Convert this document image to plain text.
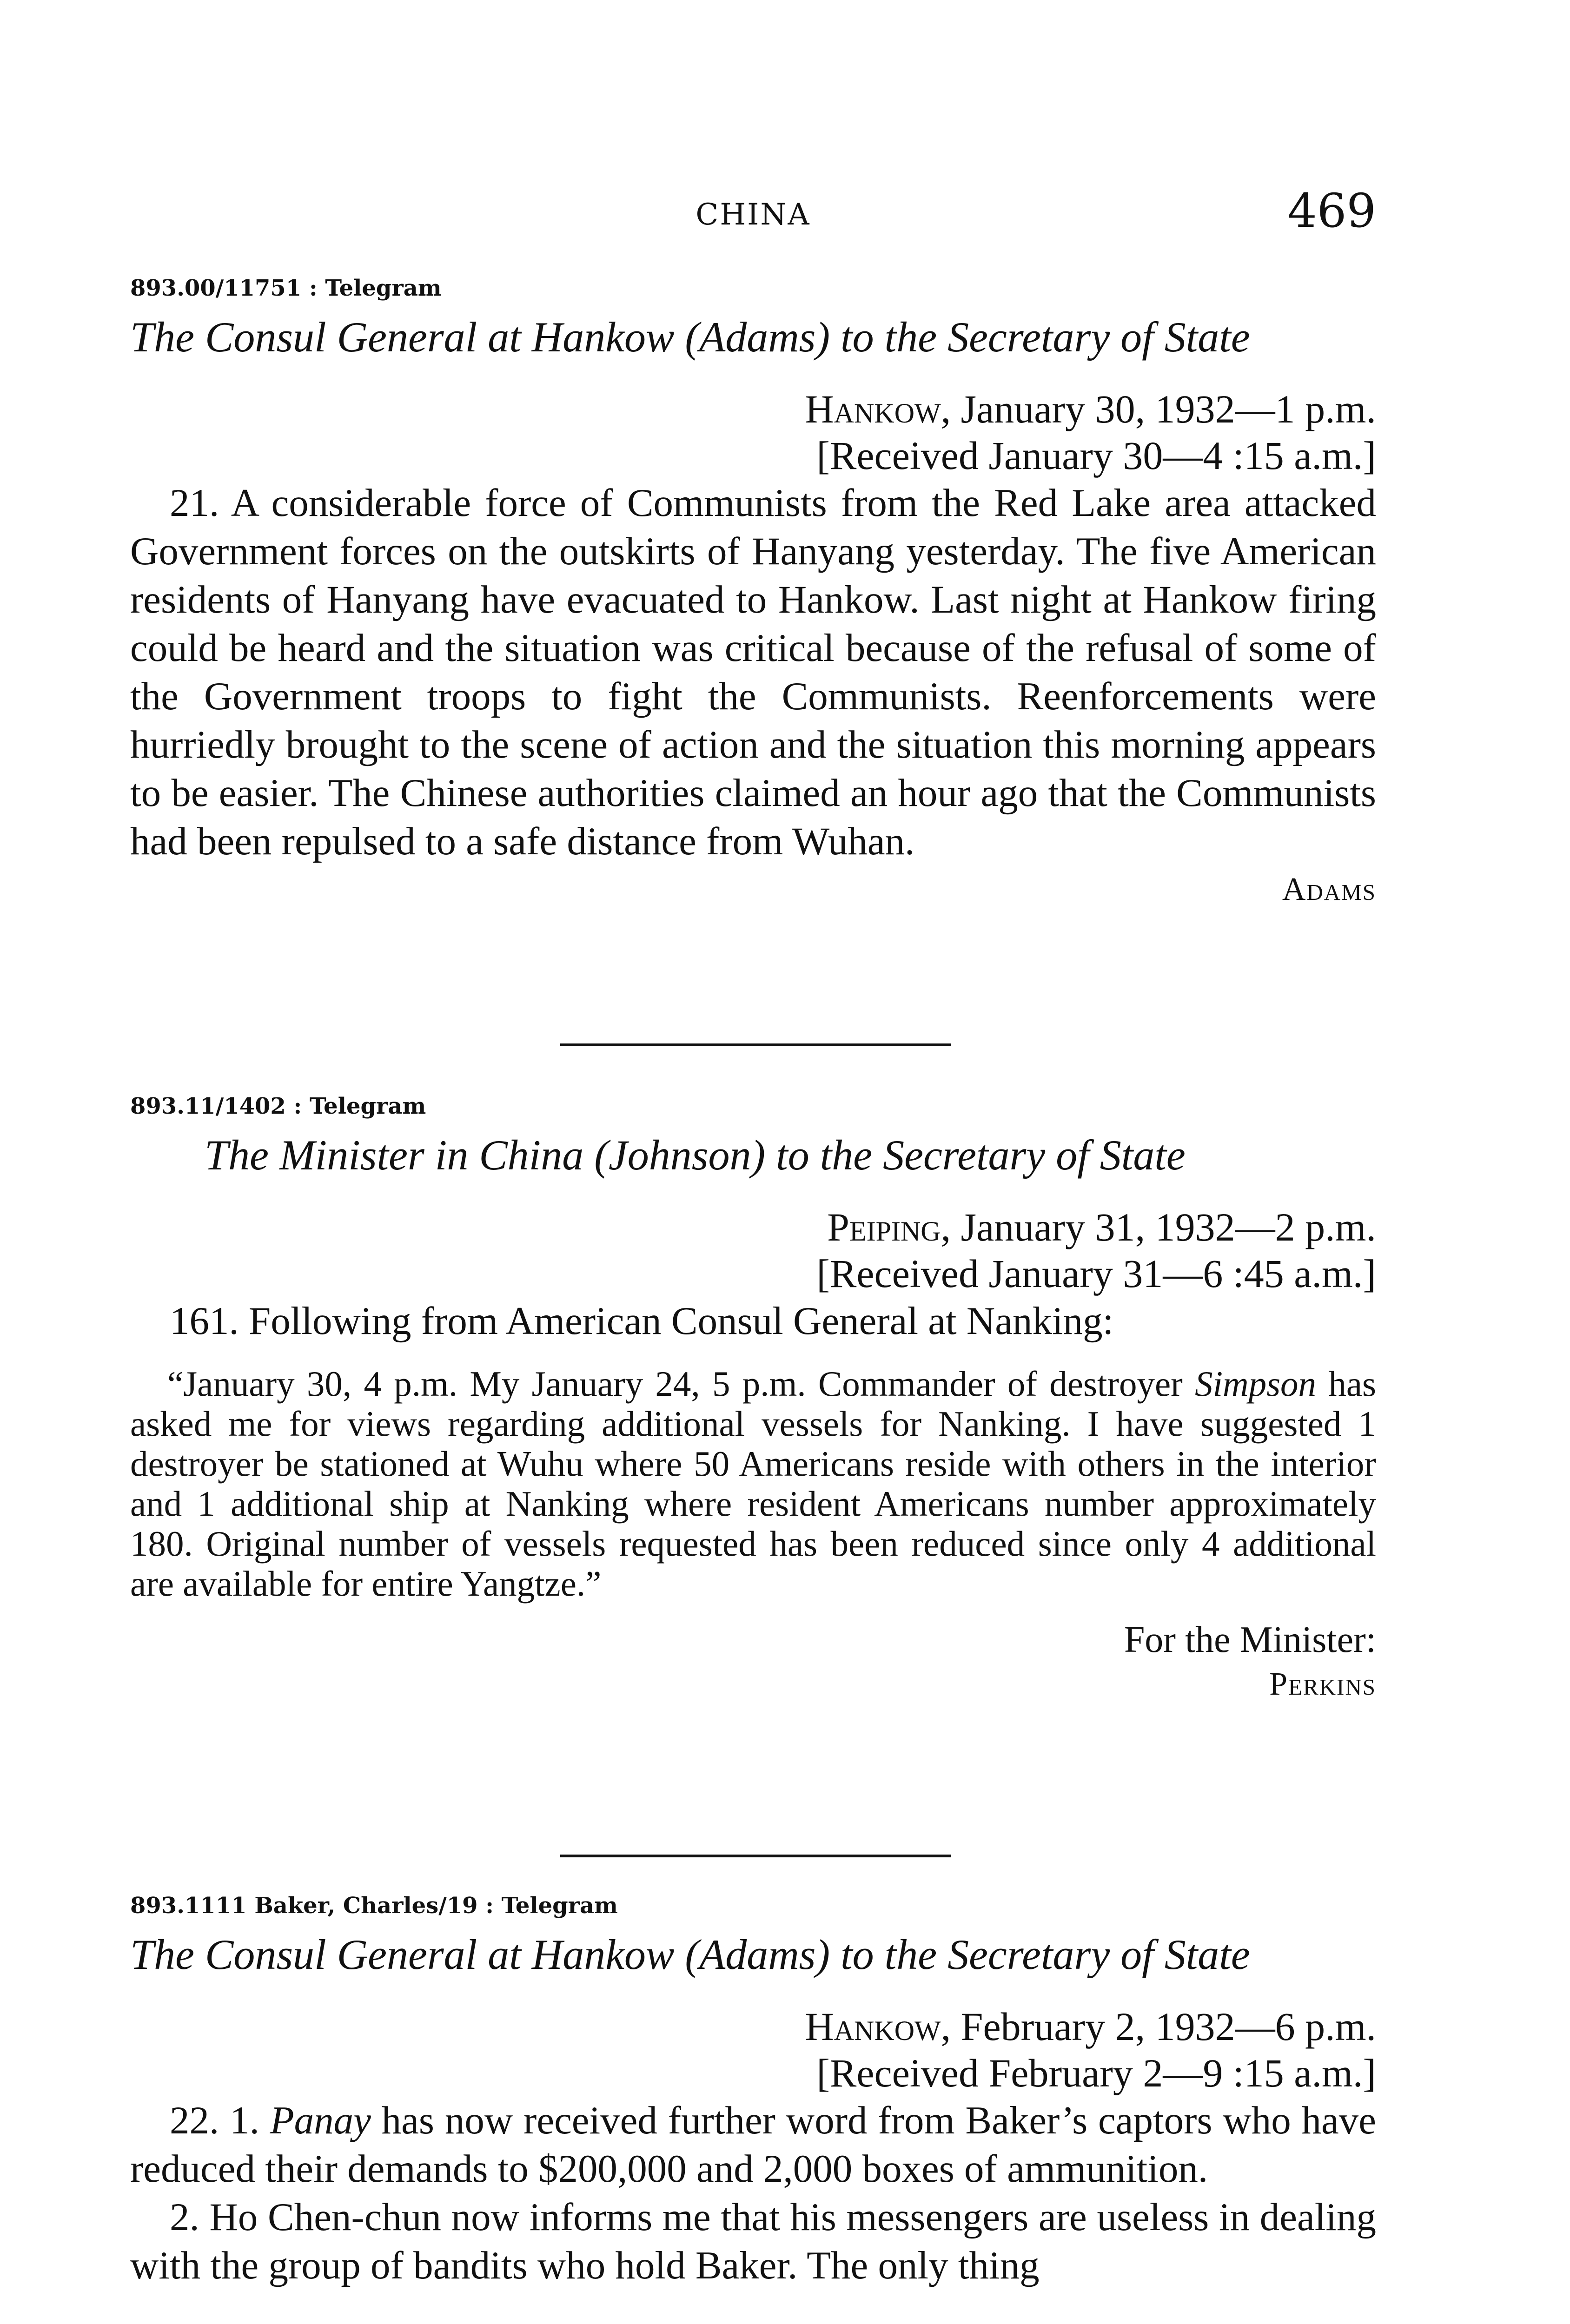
CHINA	469
893.00/11751 : Telegram
The Consul General at Hankow (Adams) to the Secretary of State
Hankow, January 30, 1932—1 p.m.
[Received January 30—4 :15 a.m.]

21. A considerable force of Communists from the Red Lake area attacked Government forces on the outskirts of Hanyang yesterday. The five American residents of Hanyang have evacuated to Hankow. Last night at Hankow firing could be heard and the situation was critical because of the refusal of some of the Government troops to fight the Communists. Reenforcements were hurriedly brought to the scene of action and the situation this morning appears to be easier. The Chinese authorities claimed an hour ago that the Communists had been repulsed to a safe distance from Wuhan.

Adams
893.11/1402 : Telegram
The Minister in China (Johnson) to the Secretary of State
Peiping, January 31, 1932—2 p.m.
[Received January 31—6 :45 a.m.]

161. Following from American Consul General at Nanking:

“January 30, 4 p.m. My January 24, 5 p.m. Commander of destroyer Simpson has asked me for views regarding additional vessels for Nanking. I have suggested 1 destroyer be stationed at Wuhu where 50 Americans reside with others in the interior and 1 additional ship at Nanking where resident Americans number approximately 180. Original number of vessels requested has been reduced since only 4 additional are available for entire Yangtze.”

For the Minister:
Perkins
893.1111 Baker, Charles/19 : Telegram
The Consul General at Hankow (Adams) to the Secretary of State
Hankow, February 2, 1932—6 p.m.
[Received February 2—9 :15 a.m.]

22. 1. Panay has now received further word from Baker’s captors who have reduced their demands to $200,000 and 2,000 boxes of ammunition.

2. Ho Chen-chun now informs me that his messengers are useless in dealing with the group of bandits who hold Baker. The only thing
